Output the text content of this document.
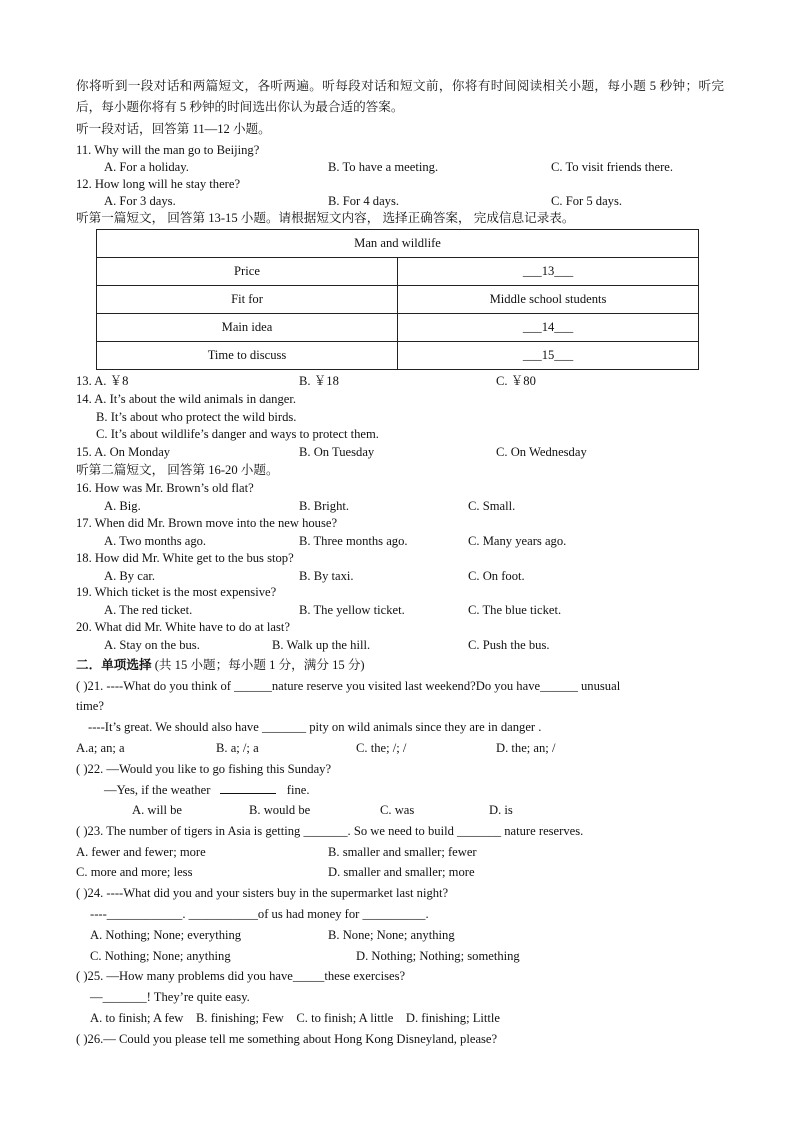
你将听到一段对话和两篇短文，各听两遍。听每段对话和短文前，你将有时间阅读相关小题，每小题 5 秒钟；听完后，每小题你将有 5 秒钟的时间选出你认为最合适的答案。
听一段对话，回答第 11—12 小题。
11. Why will the man go to Beijing?
A. For a holiday.	B. To have a meeting.	C. To visit friends there.
12. How long will he stay there?
A. For 3 days.	B. For 4 days.	C. For 5 days.
听第一篇短文， 回答第 13-15 小题。请根据短文内容， 选择正确答案， 完成信息记录表。
Man and wildlife	
Price	___13___
Fit for	Middle school students
Main idea	___14___
Time to discuss	___15___
13. A. ￥8	B. ￥18	C. ￥80
14. A. It’s about the wild animals in danger.
B. It’s about who protect the wild birds.
C. It’s about wildlife’s danger and ways to protect them.
15. A. On Monday	B. On Tuesday	C. On Wednesday
听第二篇短文， 回答第 16-20 小题。
16. How was Mr. Brown’s old flat?
A. Big.	B. Bright.	C. Small.
17. When did Mr. Brown move into the new house?
A. Two months ago.	B. Three months ago.	C. Many years ago.
18. How did Mr. White get to the bus stop?
A. By car.	B. By taxi.	C. On foot.
19. Which ticket is the most expensive?
A. The red ticket.	B. The yellow ticket.	C. The blue ticket.
20. What did Mr. White have to do at last?
A. Stay on the bus.	B. Walk up the hill.	C. Push the bus.
二．单项选择 (共 15 小题；每小题 1 分，满分 15 分)
( )21. ----What do you think of ______nature reserve you visited last weekend?Do you have______ unusual
time?
----It’s great. We should also have _______ pity on wild animals since they are in danger .
A.a; an; a	B. a; /; a	C. the; /; /	D. the; an; /
( )22. —Would you like to go fishing this Sunday?
—Yes, if the weather	fine.
A. will be	B. would be	C. was	D. is
( )23. The number of tigers in Asia is getting _______. So we need to build _______ nature reserves.
A. fewer and fewer; more	B. smaller and smaller; fewer
C. more and more; less	D. smaller and smaller; more
( )24. ----What did you and your sisters buy in the supermarket last night?
----____________. ___________of us had money for __________.
A. Nothing; None; everything	B. None; None; anything
C. Nothing; None; anything	D. Nothing; Nothing; something
( )25. —How many problems did you have_____these exercises?
—_______! They’re quite easy.
A. to finish; A few    B. finishing; Few    C. to finish; A little    D. finishing; Little
( )26.— Could you please tell me something about Hong Kong Disneyland, please?
